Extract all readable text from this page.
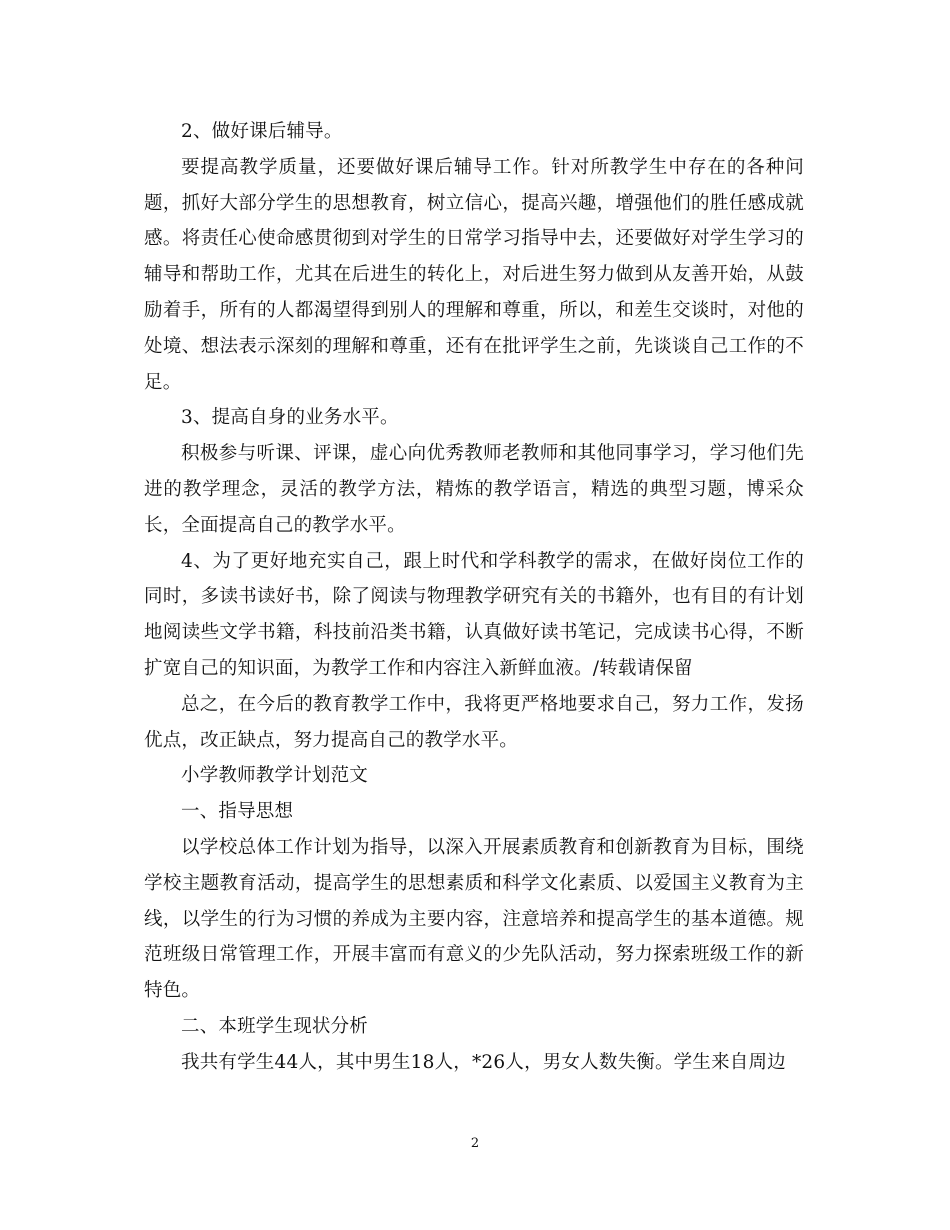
2、做好课后辅导。

要提高教学质量，还要做好课后辅导工作。针对所教学生中存在的各种问题，抓好大部分学生的思想教育，树立信心，提高兴趣，增强他们的胜任感成就感。将责任心使命感贯彻到对学生的日常学习指导中去，还要做好对学生学习的辅导和帮助工作，尤其在后进生的转化上，对后进生努力做到从友善开始，从鼓励着手，所有的人都渴望得到别人的理解和尊重，所以，和差生交谈时，对他的处境、想法表示深刻的理解和尊重，还有在批评学生之前，先谈谈自己工作的不足。

3、提高自身的业务水平。

积极参与听课、评课，虚心向优秀教师老教师和其他同事学习，学习他们先进的教学理念，灵活的教学方法，精炼的教学语言，精选的典型习题，博采众长，全面提高自己的教学水平。

4、为了更好地充实自己，跟上时代和学科教学的需求，在做好岗位工作的同时，多读书读好书，除了阅读与物理教学研究有关的书籍外，也有目的有计划地阅读些文学书籍，科技前沿类书籍，认真做好读书笔记，完成读书心得，不断扩宽自己的知识面，为教学工作和内容注入新鲜血液。/转载请保留

总之，在今后的教育教学工作中，我将更严格地要求自己，努力工作，发扬优点，改正缺点，努力提高自己的教学水平。

小学教师教学计划范文

一、指导思想

以学校总体工作计划为指导，以深入开展素质教育和创新教育为目标，围绕学校主题教育活动，提高学生的思想素质和科学文化素质、以爱国主义教育为主线，以学生的行为习惯的养成为主要内容，注意培养和提高学生的基本道德。规范班级日常管理工作，开展丰富而有意义的少先队活动，努力探索班级工作的新特色。

二、本班学生现状分析

我共有学生44人，其中男生18人，*26人，男女人数失衡。学生来自周边

2
